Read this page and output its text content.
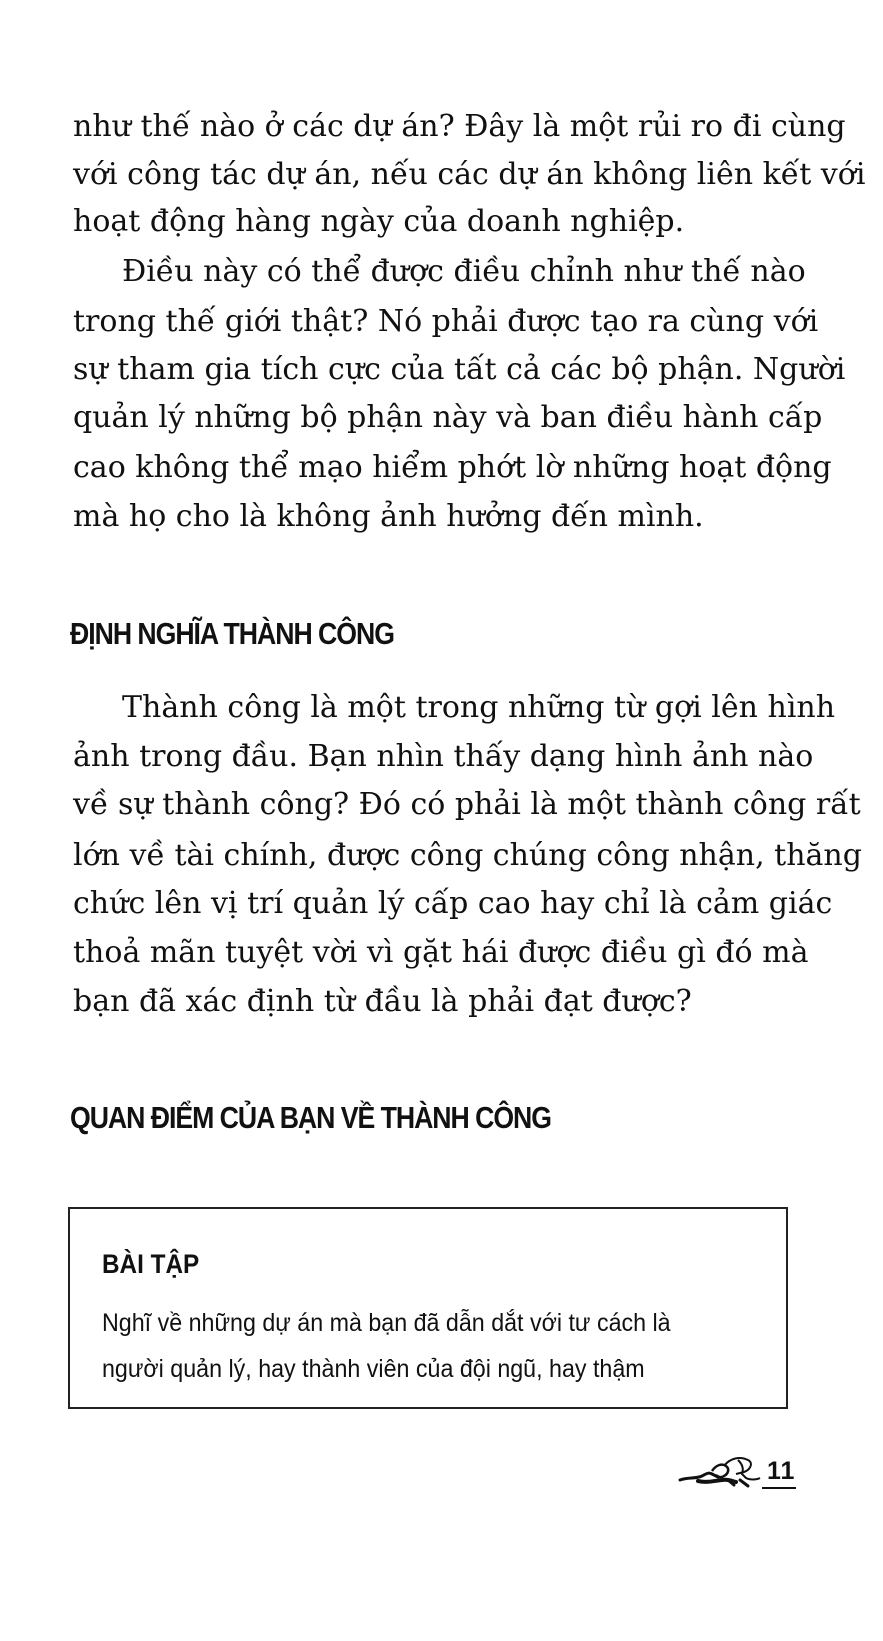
như thế nào ở các dự án? Đây là một rủi ro đi cùng
với công tác dự án, nếu các dự án không liên kết với
hoạt động hàng ngày của doanh nghiệp.
Điều này có thể được điều chỉnh như thế nào
trong thế giới thật? Nó phải được tạo ra cùng với
sự tham gia tích cực của tất cả các bộ phận. Người
quản lý những bộ phận này và ban điều hành cấp
cao không thể mạo hiểm phớt lờ những hoạt động
mà họ cho là không ảnh hưởng đến mình.
ĐỊNH NGHĨA THÀNH CÔNG
Thành công là một trong những từ gợi lên hình
ảnh trong đầu. Bạn nhìn thấy dạng hình ảnh nào
về sự thành công? Đó có phải là một thành công rất
lớn về tài chính, được công chúng công nhận, thăng
chức lên vị trí quản lý cấp cao hay chỉ là cảm giác
thoả mãn tuyệt vời vì gặt hái được điều gì đó mà
bạn đã xác định từ đầu là phải đạt được?
QUAN ĐIỂM CỦA BẠN VỀ THÀNH CÔNG
BÀI TẬP
Nghĩ về những dự án mà bạn đã dẫn dắt với tư cách là
người quản lý, hay thành viên của đội ngũ, hay thậm
11
